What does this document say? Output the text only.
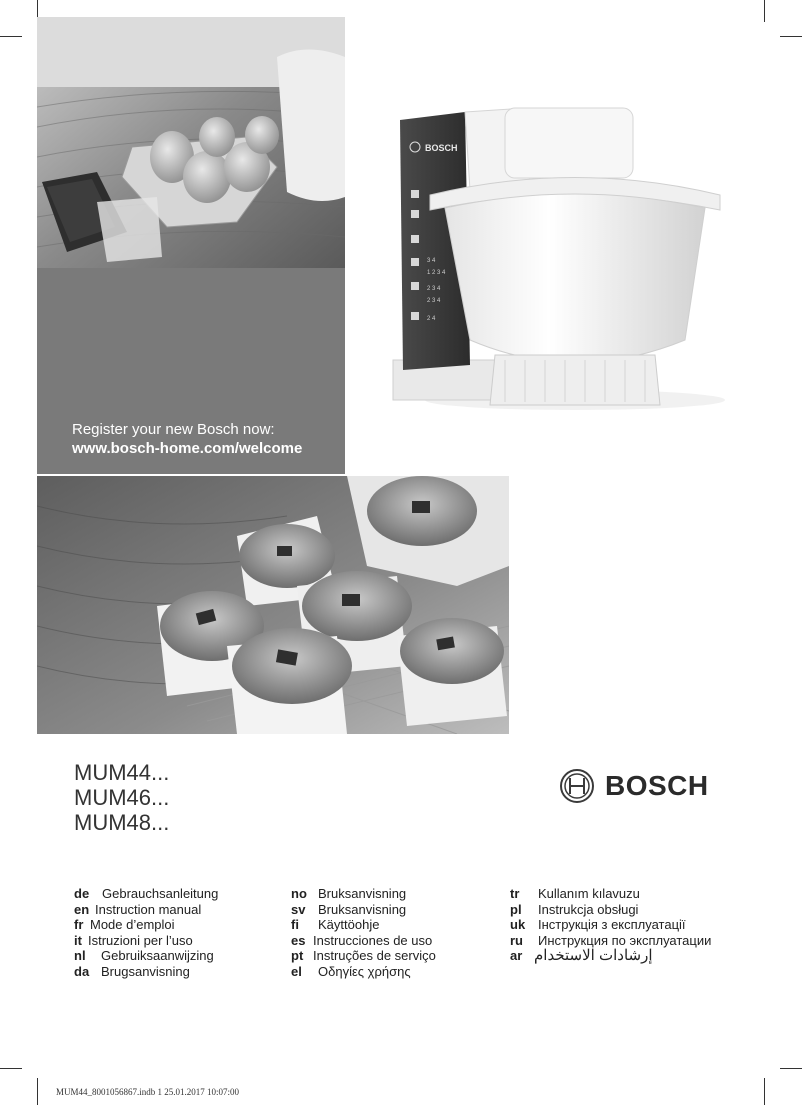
Register your new Bosch now:
www.bosch-home.com/welcome
BOSCH
3 4
1 2 3 4
2 3 4
2 3 4
2 4
MUM44...
MUM46...
MUM48...
BOSCH
de Gebrauchsanleitung
en Instruction manual
fr Mode d’emploi
it Istruzioni per l’uso
nl Gebruiksaanwijzing
da Brugsanvisning
no Bruksanvisning
sv Bruksanvisning
fi Käyttöohje
es Instrucciones de uso
pt Instruções de serviço
el Οδηγίες χρήσης
tr Kullanım kılavuzu
pl Instrukcja obsługi
uk Інструкція з експлуатації
ru Инструкция по эксплуатации
ar إرشادات الاستخدام
MUM44_8001056867.indb 1 25.01.2017 10:07:00
